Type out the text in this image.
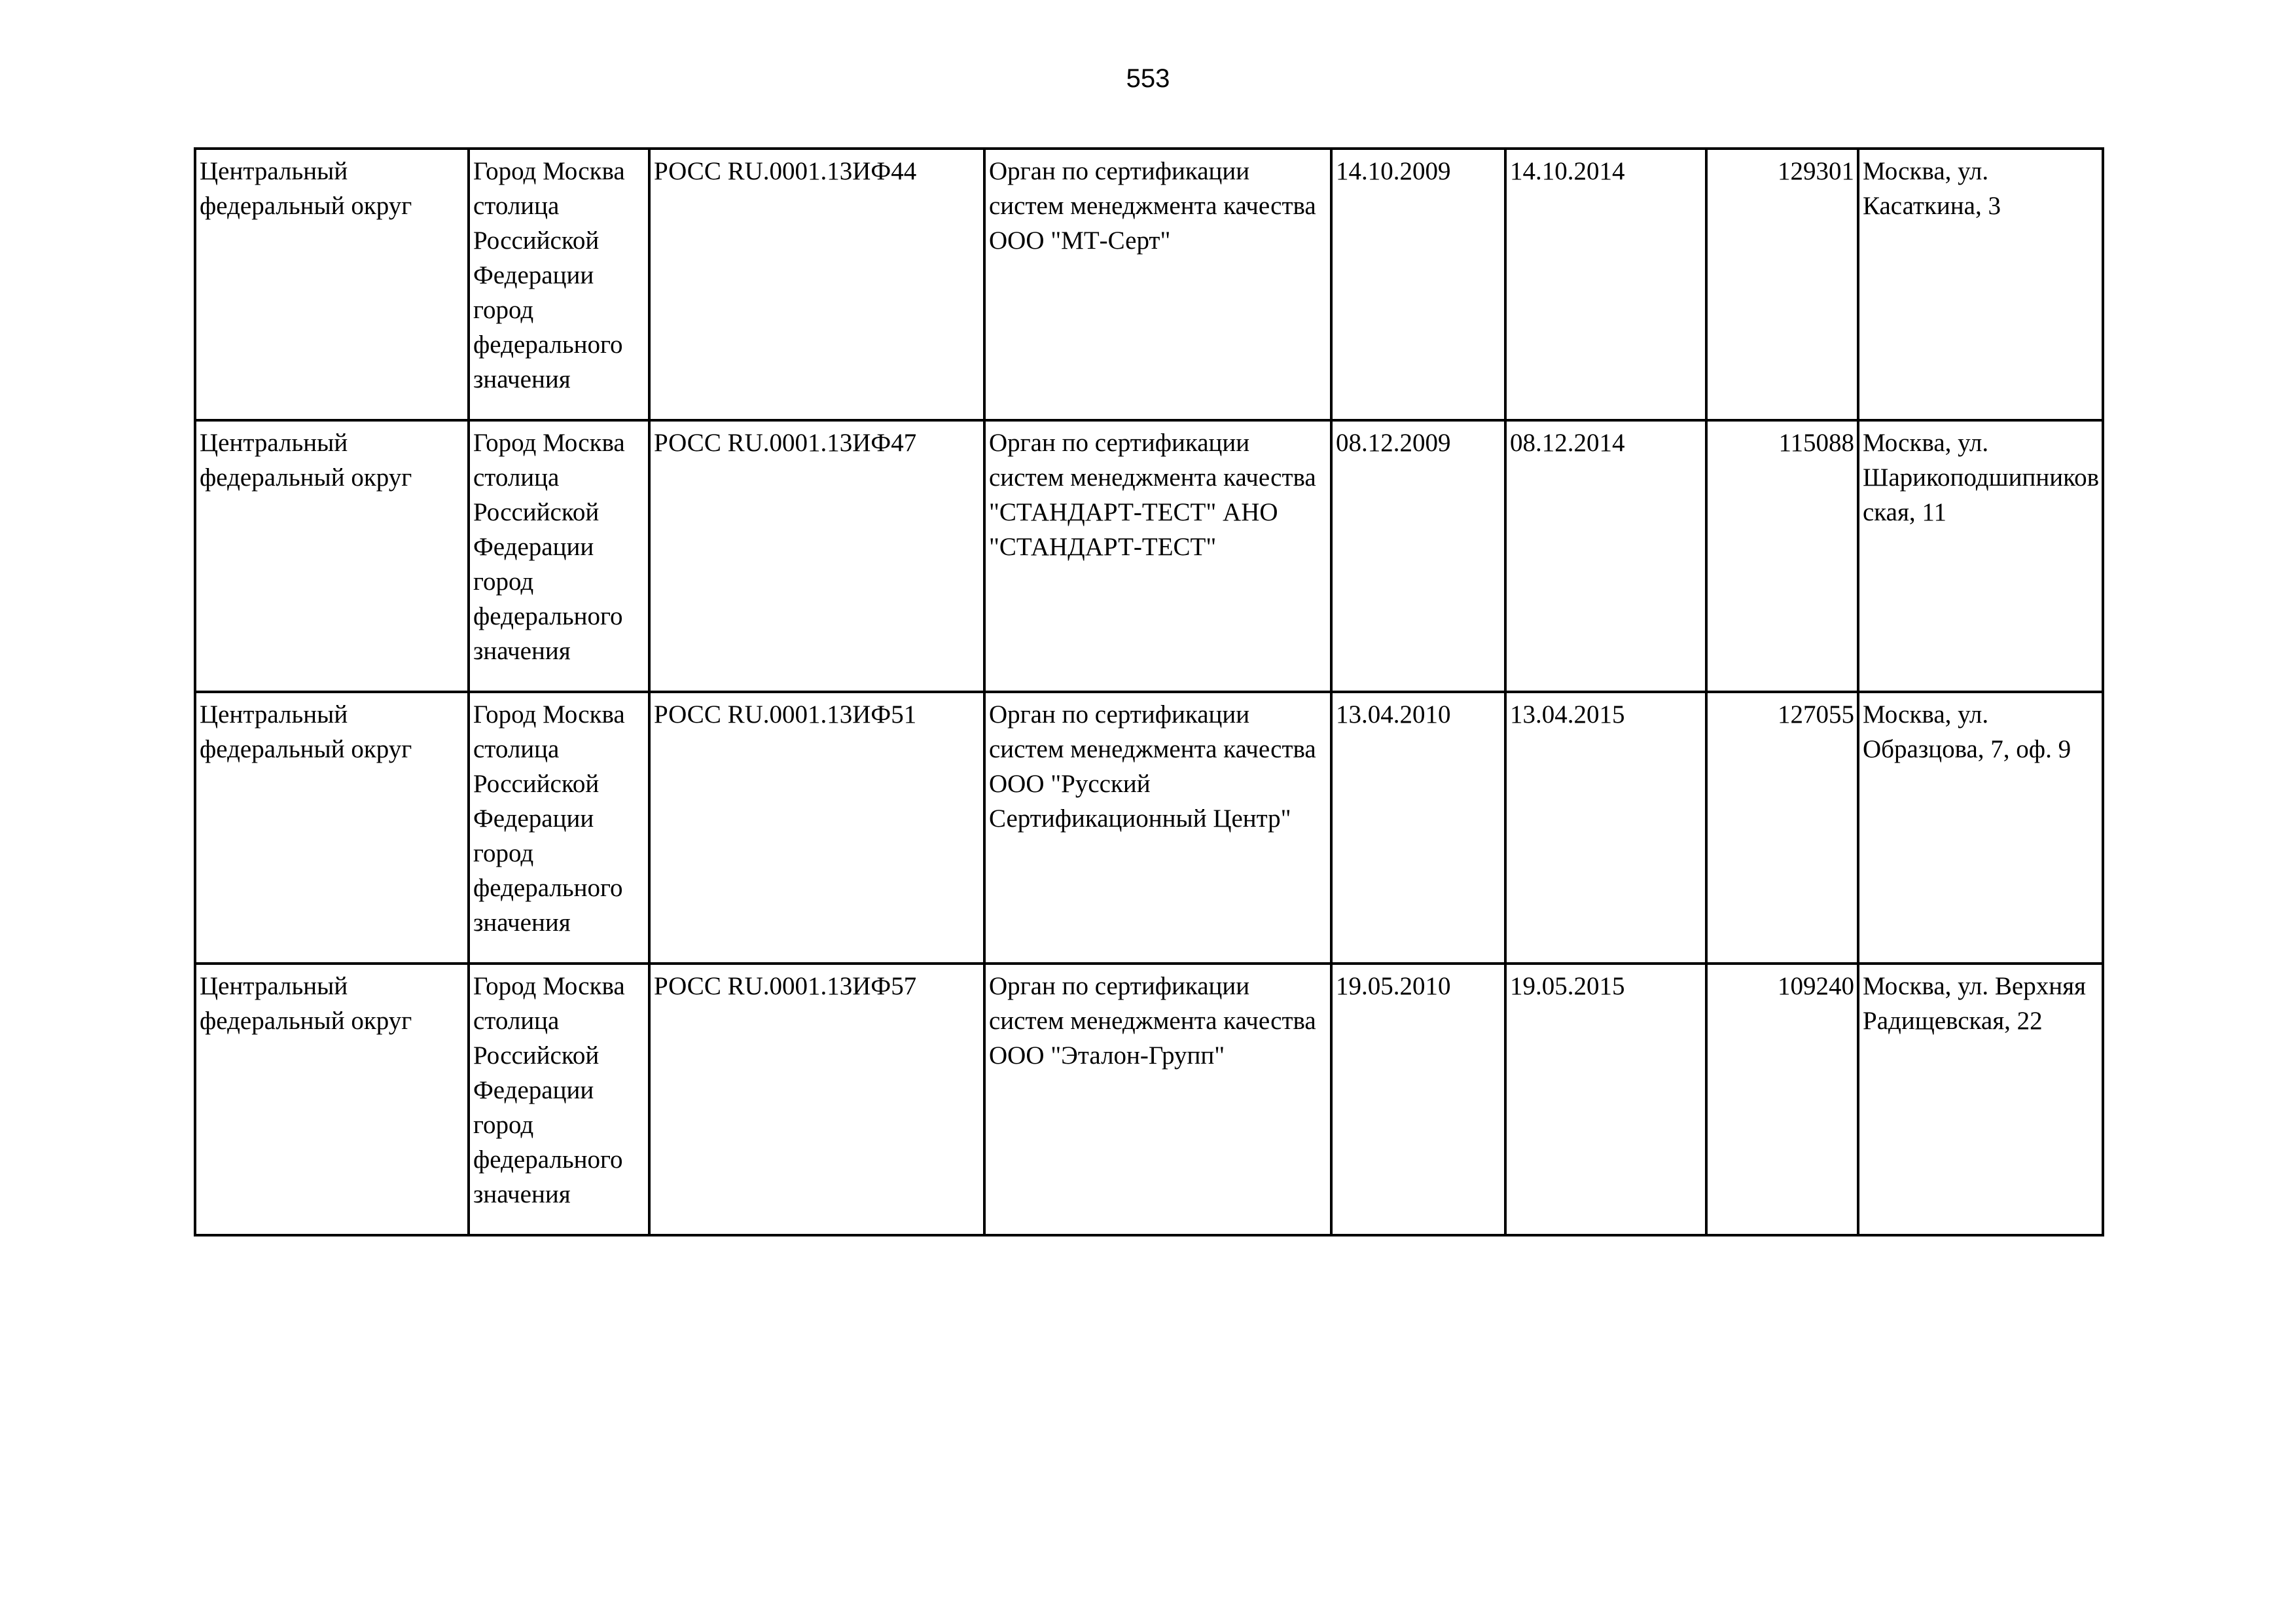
553
Центральный федеральный округ	Город Москва столица Российской Федерации город федерального значения	РОСС RU.0001.13ИФ44	Орган по сертификации систем менеджмента качества ООО "МТ-Серт"	14.10.2009	14.10.2014	129301	Москва, ул. Касаткина, 3

Центральный федеральный округ	Город Москва столица Российской Федерации город федерального значения	РОСС RU.0001.13ИФ47	Орган по сертификации систем менеджмента качества "СТАНДАРТ-ТЕСТ" АНО "СТАНДАРТ-ТЕСТ"	08.12.2009	08.12.2014	115088	Москва, ул. Шарикоподшипниковская, 11

Центральный федеральный округ	Город Москва столица Российской Федерации город федерального значения	РОСС RU.0001.13ИФ51	Орган по сертификации систем менеджмента качества ООО "Русский Сертификационный Центр"	13.04.2010	13.04.2015	127055	Москва, ул. Образцова, 7, оф. 9

Центральный федеральный округ	Город Москва столица Российской Федерации город федерального значения	РОСС RU.0001.13ИФ57	Орган по сертификации систем менеджмента качества ООО "Эталон-Групп"	19.05.2010	19.05.2015	109240	Москва, ул. Верхняя Радищевская, 22
